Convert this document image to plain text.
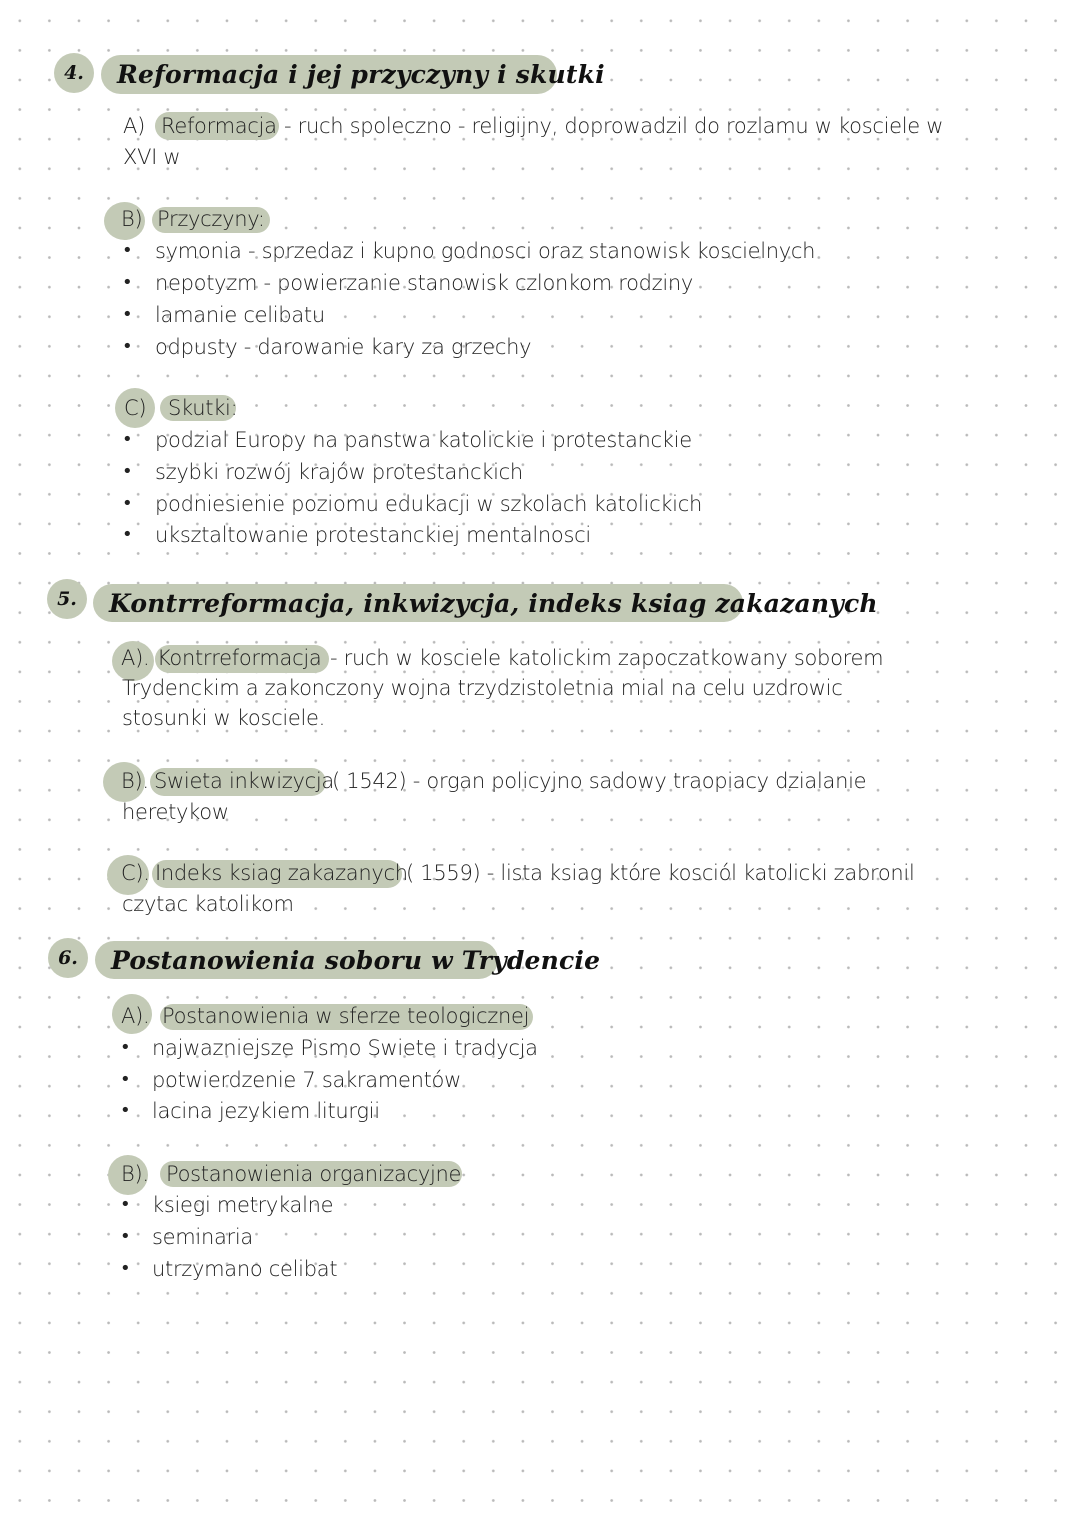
4.	Reformacja i jej przyczyny i skutki
A) Reformacja - ruch spoleczno - religijny, doprowadzil do rozlamu w kosciele w
XVI w
B) Przyczyny:
• symonia - sprzedaz i kupno godnosci oraz stanowisk koscielnych
• nepotyzm - powierzanie stanowisk czlonkom rodziny
• lamanie celibatu
• odpusty - darowanie kary za grzechy
C) Skutki:
• podzial Europy na panstwa katolickie i protestanckie
• szybki rozwój krajów protestanckich
• podniesienie poziomu edukacji w szkolach katolickich
• uksztaltowanie protestanckiej mentalnosci
5.	Kontrreformacja, inkwizycja, indeks ksiag zakazanych
A). Kontrreformacja - ruch w kosciele katolickim zapoczatkowany soborem
Trydenckim a zakonczony wojna trzydzistoletnia mial na celu uzdrowic
stosunki w kosciele.
B). Swieta inkwizycja
( 1542) - organ policyjno sadowy traopiacy dzialanie
heretykow
C). Indeks ksiag zakazanych
( 1559) - lista ksiag które kosciól katolicki zabronil
czytac katolikom
6.	Postanowienia soboru w Trydencie
A). Postanowienia w sferze teologicznej
• najwazniejsze Pismo Swiete i tradycja
• potwierdzenie 7 sakramentów
• lacina jezykiem liturgii
B). Postanowienia organizacyjne
• ksiegi metrykalne
• seminaria
• utrzymano celibat
